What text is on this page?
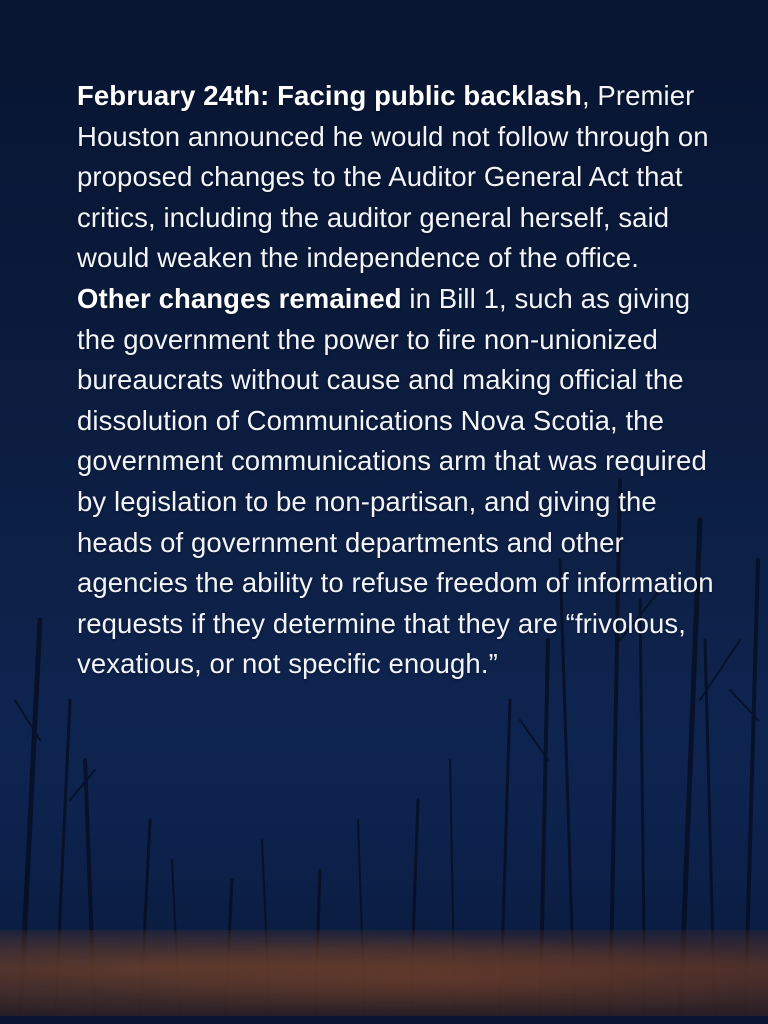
February 24th: Facing public backlash, Premier Houston announced he would not follow through on proposed changes to the Auditor General Act that critics, including the auditor general herself, said would weaken the independence of the office. Other changes remained in Bill 1, such as giving the government the power to fire non-unionized bureaucrats without cause and making official the dissolution of Communications Nova Scotia, the government communications arm that was required by legislation to be non-partisan, and giving the heads of government departments and other agencies the ability to refuse freedom of information requests if they determine that they are “frivolous, vexatious, or not specific enough.”
